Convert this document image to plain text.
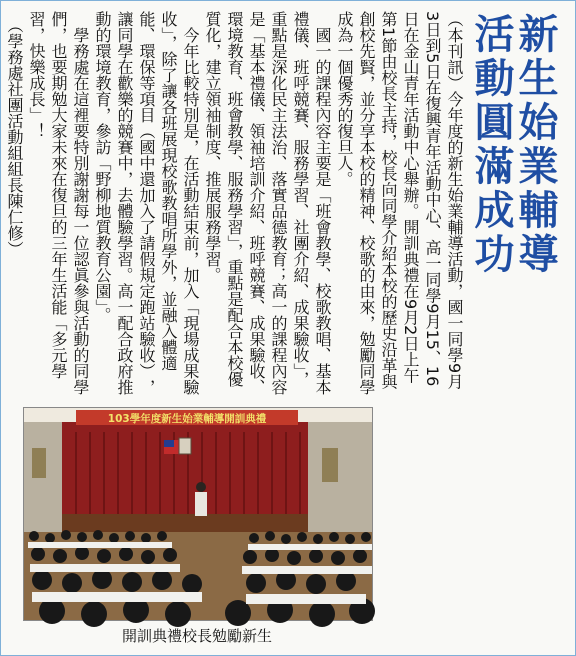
新生始業輔導
活動圓滿成功

︵本刊訊︶今年度的新生始業輔導活動，國一同學9月3日到5日在復興青年活動中心、高一同學9月15、16日在金山青年活動中心舉辦。開訓典禮在9月2日上午第1節由校長主持，校長向同學介紹本校的歷史沿革與創校先賢，並分享本校的精神、校歌的由來，勉勵同學成為一個優秀的復旦人。

國一的課程內容主要是「班會教學、校歌教唱、基本禮儀、班呼競賽、服務學習、社團介紹、成果驗收」，重點是深化民主法治、落實品德教育；高一的課程內容是「基本禮儀、領袖培訓介紹、班呼競賽、成果驗收、環境教育、班會教學、服務學習」，重點是配合本校優質化，建立領袖制度、推展服務學習。

今年比較特別是，在活動結束前，加入「現場成果驗收」，除了讓各班展現校歌教唱所學外，並融入體適能、環保等項目︵國中還加入了請假規定跑站驗收︶，讓同學在歡樂的競賽中，去體驗學習。高一配合政府推動的環境教育，參訪「野柳地質教育公園」。

學務處在這裡要特別謝謝每一位認眞參與活動的同學們，也要期勉大家未來在復旦的三年生活能「多元學習，快樂成長」！

︵學務處社團活動組組長陳仁修︶

103學年度新生始業輔導開訓典禮
開訓典禮校長勉勵新生
